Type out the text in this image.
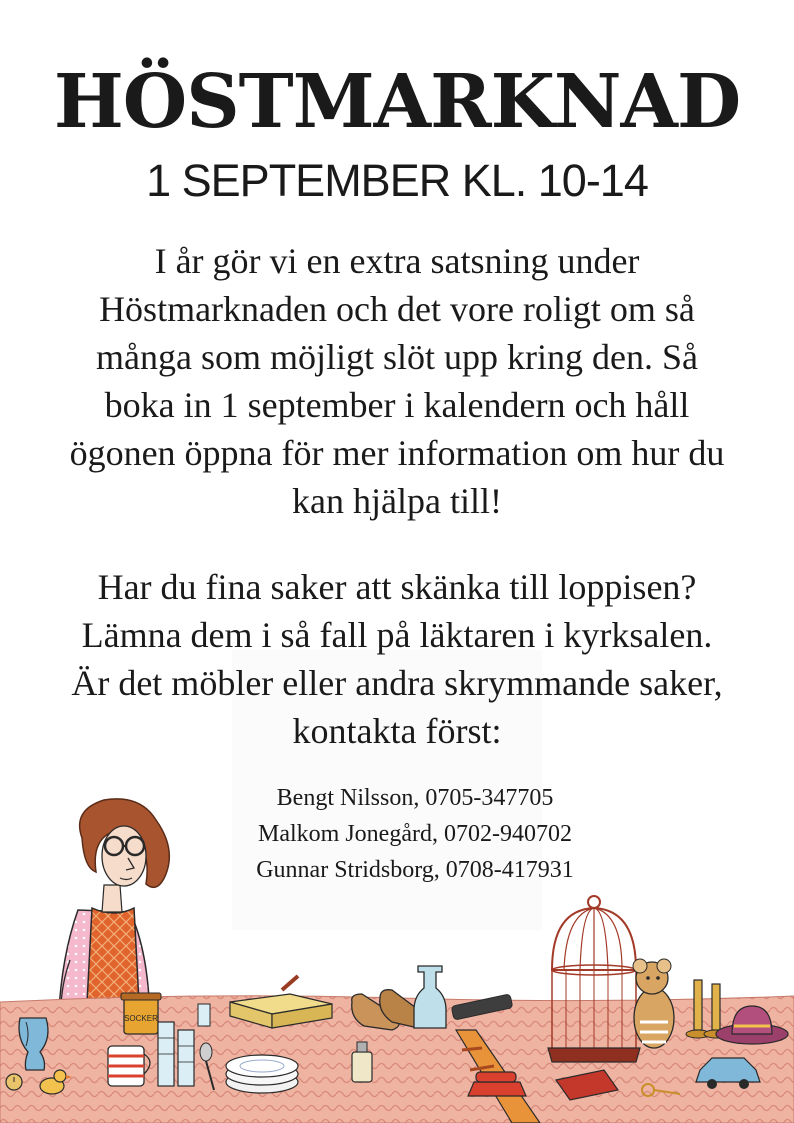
HÖSTMARKNAD
1 SEPTEMBER KL. 10-14

I år gör vi en extra satsning under
Höstmarknaden och det vore roligt om så
många som möjligt slöt upp kring den. Så
boka in 1 september i kalendern och håll
ögonen öppna för mer information om hur du
kan hjälpa till!

Har du fina saker att skänka till loppisen?
Lämna dem i så fall på läktaren i kyrksalen.
Är det möbler eller andra skrymmande saker,
kontakta först:

SOCKER
Bengt Nilsson, 0705-347705
Malkom Jonegård, 0702-940702
Gunnar Stridsborg, 0708-417931
